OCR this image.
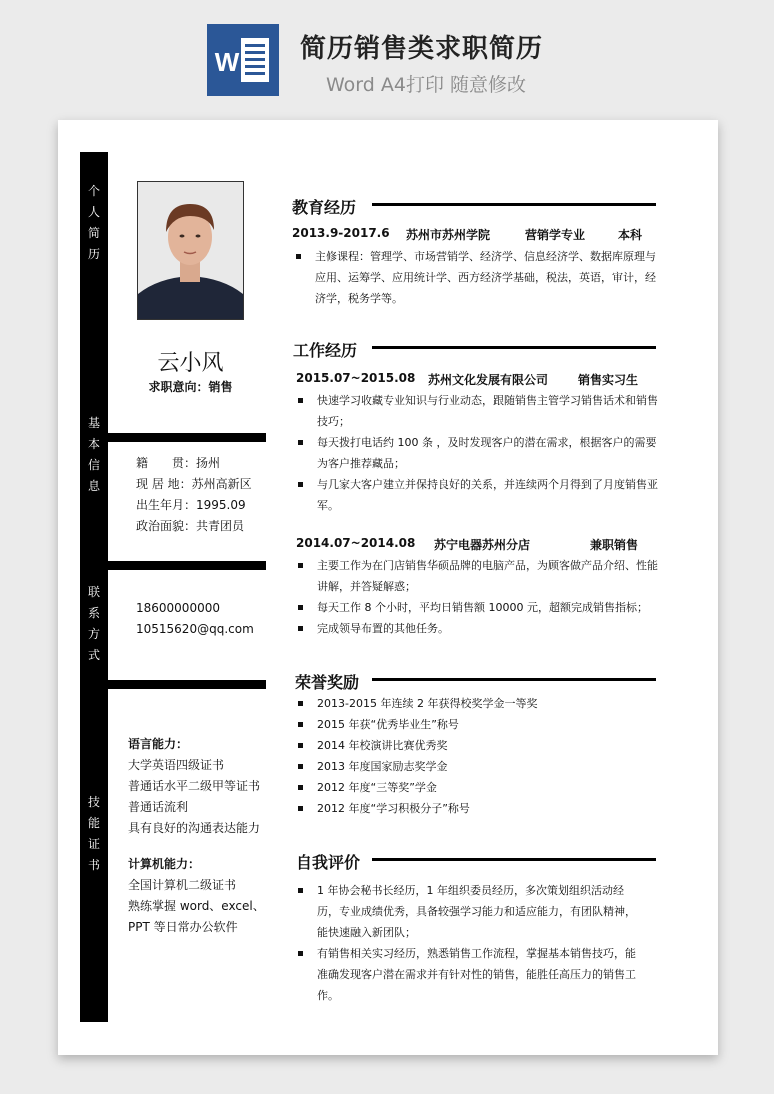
W 简历销售类求职简历
Word A4打印 随意修改
个
人
简
历
基
本
信
息
联
系
方
式
技
能
证
书
云小风
求职意向：销售
籍　　贯：扬州
现 居 地：苏州高新区
出生年月：1995.09
政治面貌：共青团员
18600000000
10515620@qq.com
语言能力：
大学英语四级证书
普通话水平二级甲等证书
普通话流利
具有良好的沟通表达能力
计算机能力：
全国计算机二级证书
熟练掌握 word、excel、
PPT 等日常办公软件
教育经历
2013.9-2017.6 苏州市苏州学院	营销学专业	本科
主修课程：管理学、市场营销学、经济学、信息经济学、数据库原理与应用、运筹学、应用统计学、西方经济学基础，税法，英语，审计，经济学，税务学等。
工作经历
2015.07~2015.08 苏州文化发展有限公司 销售实习生
快速学习收藏专业知识与行业动态，跟随销售主管学习销售话术和销售技巧；
每天拨打电话约 100 条 ，及时发现客户的潜在需求，根据客户的需要为客户推荐藏品；
与几家大客户建立并保持良好的关系，并连续两个月得到了月度销售亚军。
2014.07~2014.08 苏宁电器苏州分店	兼职销售
主要工作为在门店销售华硕品牌的电脑产品，为顾客做产品介绍、性能讲解，并答疑解惑；
每天工作 8 个小时，平均日销售额 10000 元，超额完成销售指标；
完成领导布置的其他任务。
荣誉奖励
2013-2015 年连续 2 年获得校奖学金一等奖
2015 年获“优秀毕业生”称号
2014 年校演讲比赛优秀奖
2013 年度国家励志奖学金
2012 年度“三等奖”学金
2012 年度“学习积极分子”称号
自我评价
1 年协会秘书长经历，1 年组织委员经历，多次策划组织活动经历，专业成绩优秀，具备较强学习能力和适应能力，有团队精神，能快速融入新团队；
有销售相关实习经历，熟悉销售工作流程，掌握基本销售技巧，能准确发现客户潜在需求并有针对性的销售，能胜任高压力的销售工作。
